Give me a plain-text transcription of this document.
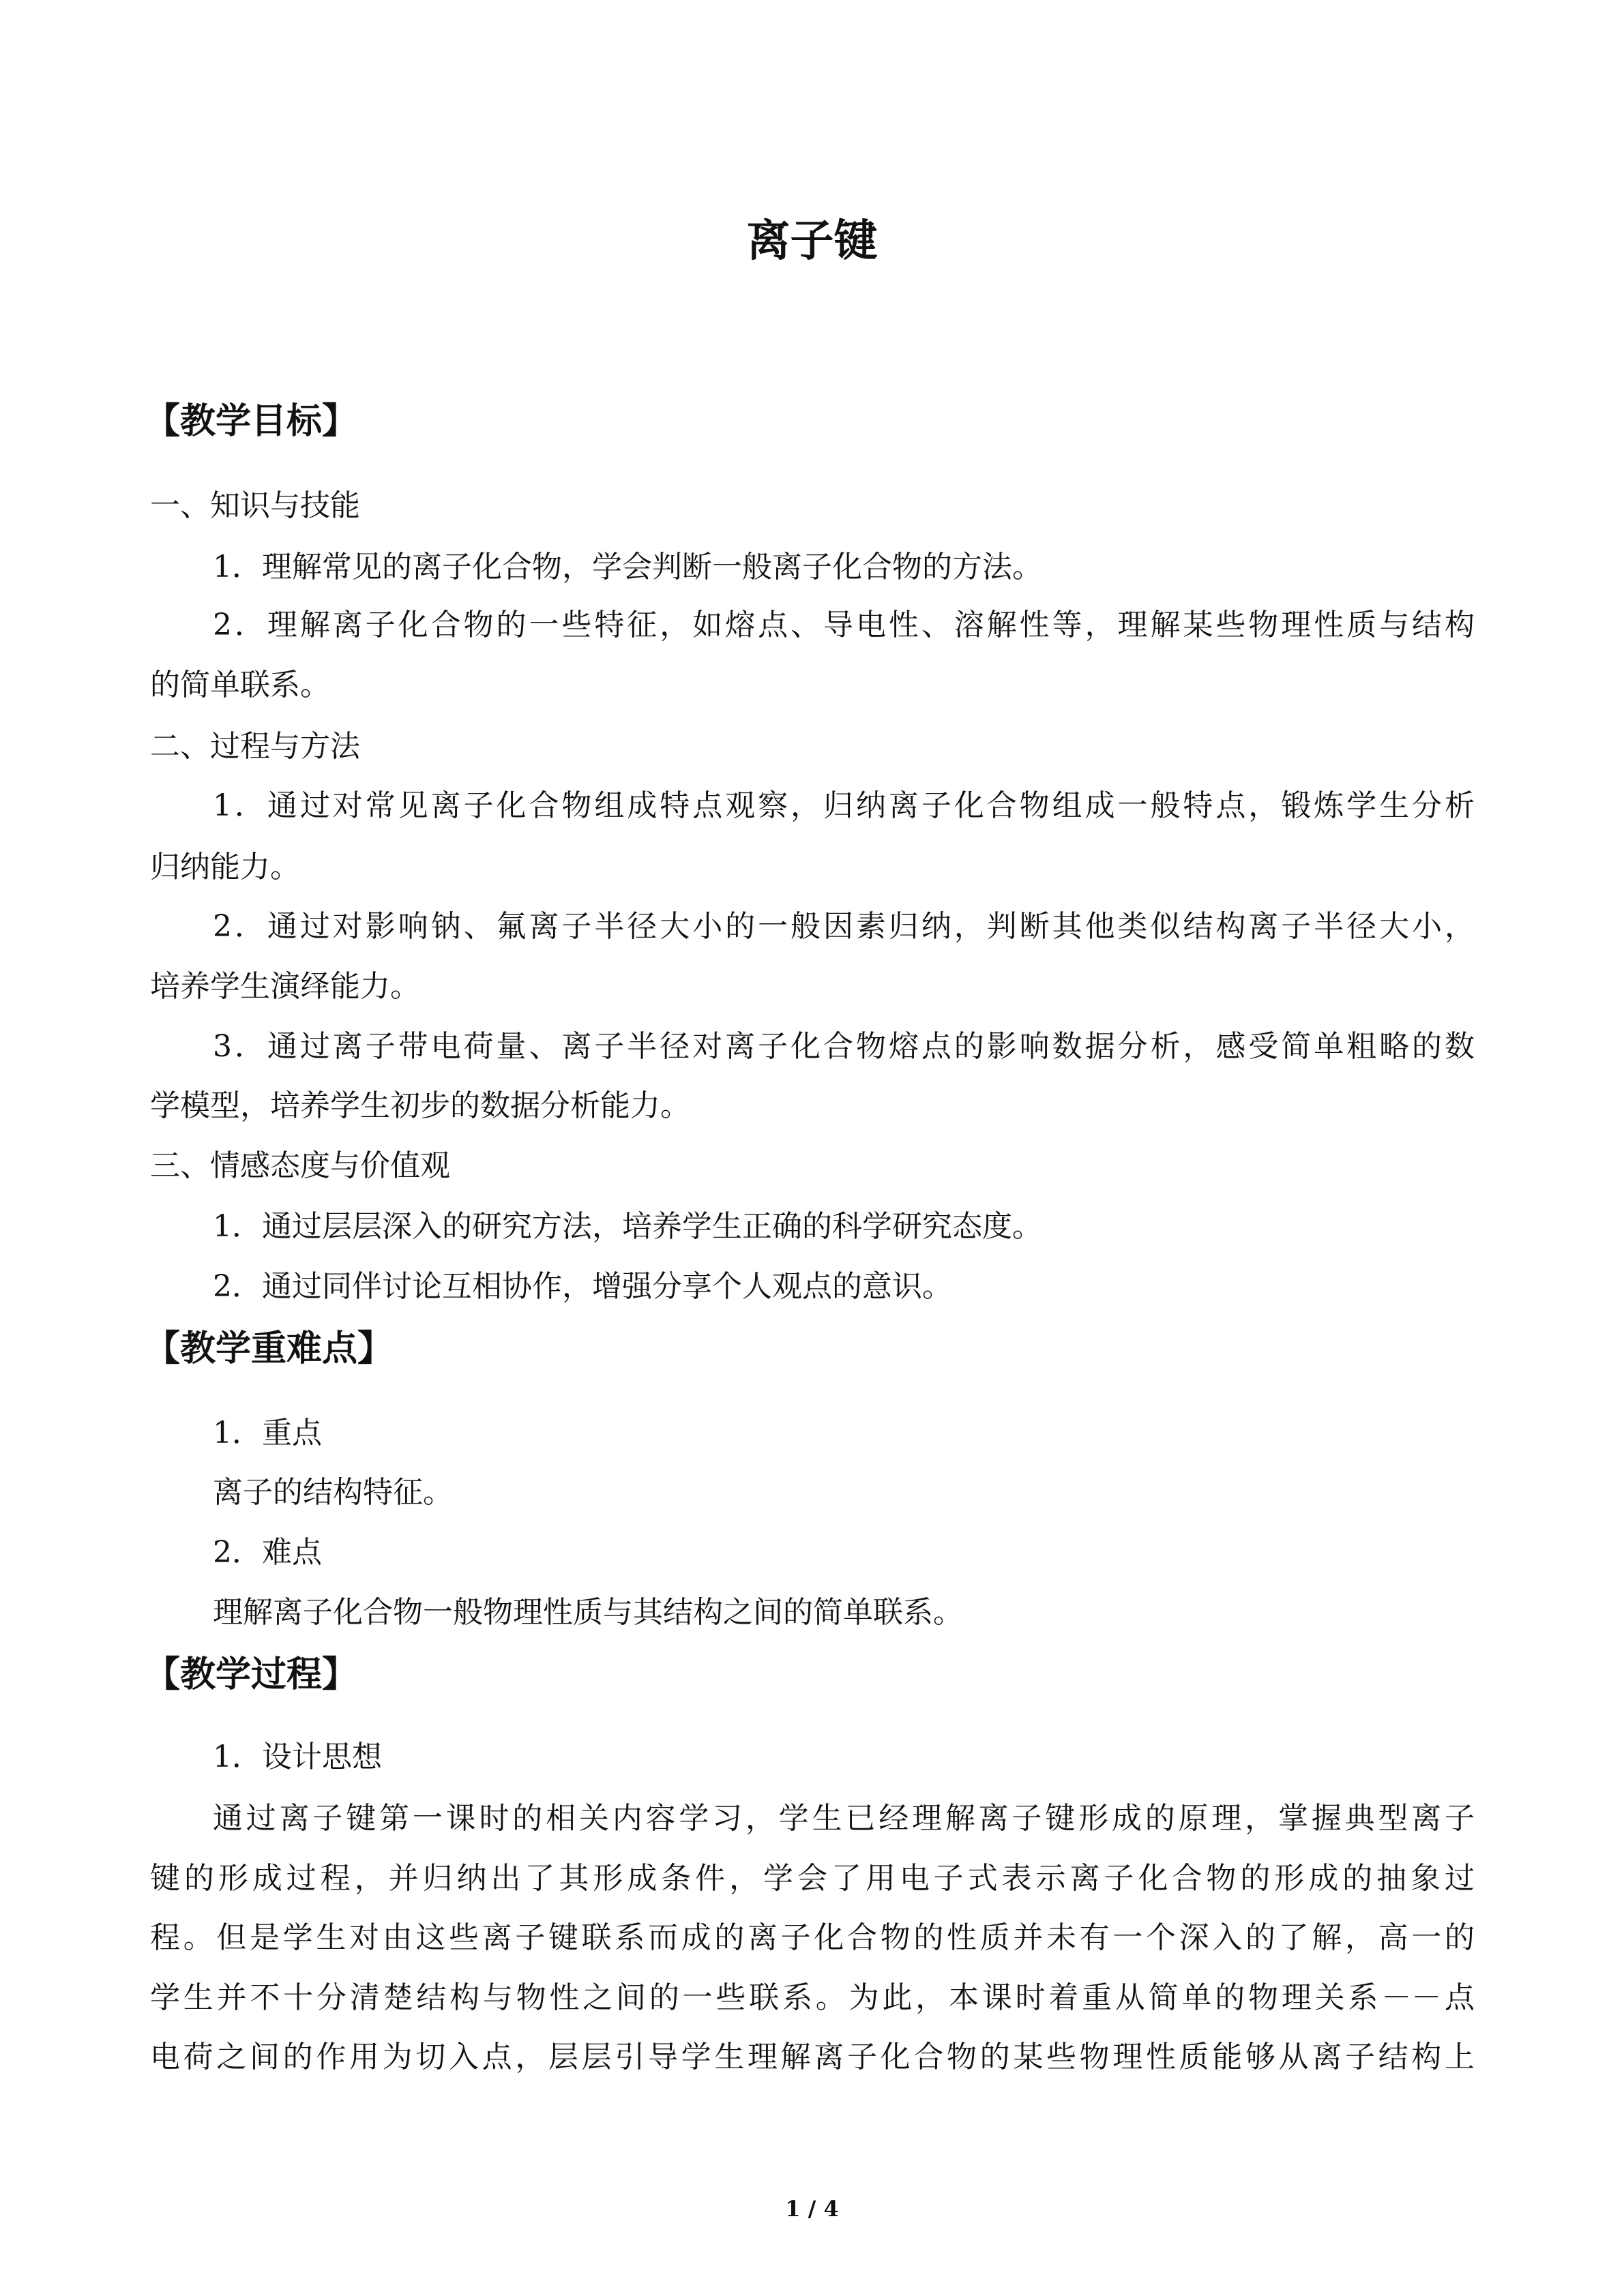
离子键
【教学目标】
一、知识与技能
1．理解常见的离子化合物，学会判断一般离子化合物的方法。
2．理解离子化合物的一些特征，如熔点、导电性、溶解性等，理解某些物理性质与结构
的简单联系。
二、过程与方法
1．通过对常见离子化合物组成特点观察，归纳离子化合物组成一般特点，锻炼学生分析
归纳能力。
2．通过对影响钠、氟离子半径大小的一般因素归纳，判断其他类似结构离子半径大小，
培养学生演绎能力。
3．通过离子带电荷量、离子半径对离子化合物熔点的影响数据分析，感受简单粗略的数
学模型，培养学生初步的数据分析能力。
三、情感态度与价值观
1．通过层层深入的研究方法，培养学生正确的科学研究态度。
2．通过同伴讨论互相协作，增强分享个人观点的意识。
【教学重难点】
1．重点
离子的结构特征。
2．难点
理解离子化合物一般物理性质与其结构之间的简单联系。
【教学过程】
1．设计思想
通过离子键第一课时的相关内容学习，学生已经理解离子键形成的原理，掌握典型离子
键的形成过程，并归纳出了其形成条件，学会了用电子式表示离子化合物的形成的抽象过
程。但是学生对由这些离子键联系而成的离子化合物的性质并未有一个深入的了解，高一的
学生并不十分清楚结构与物性之间的一些联系。为此，本课时着重从简单的物理关系－－点
电荷之间的作用为切入点，层层引导学生理解离子化合物的某些物理性质能够从离子结构上
1 / 4
